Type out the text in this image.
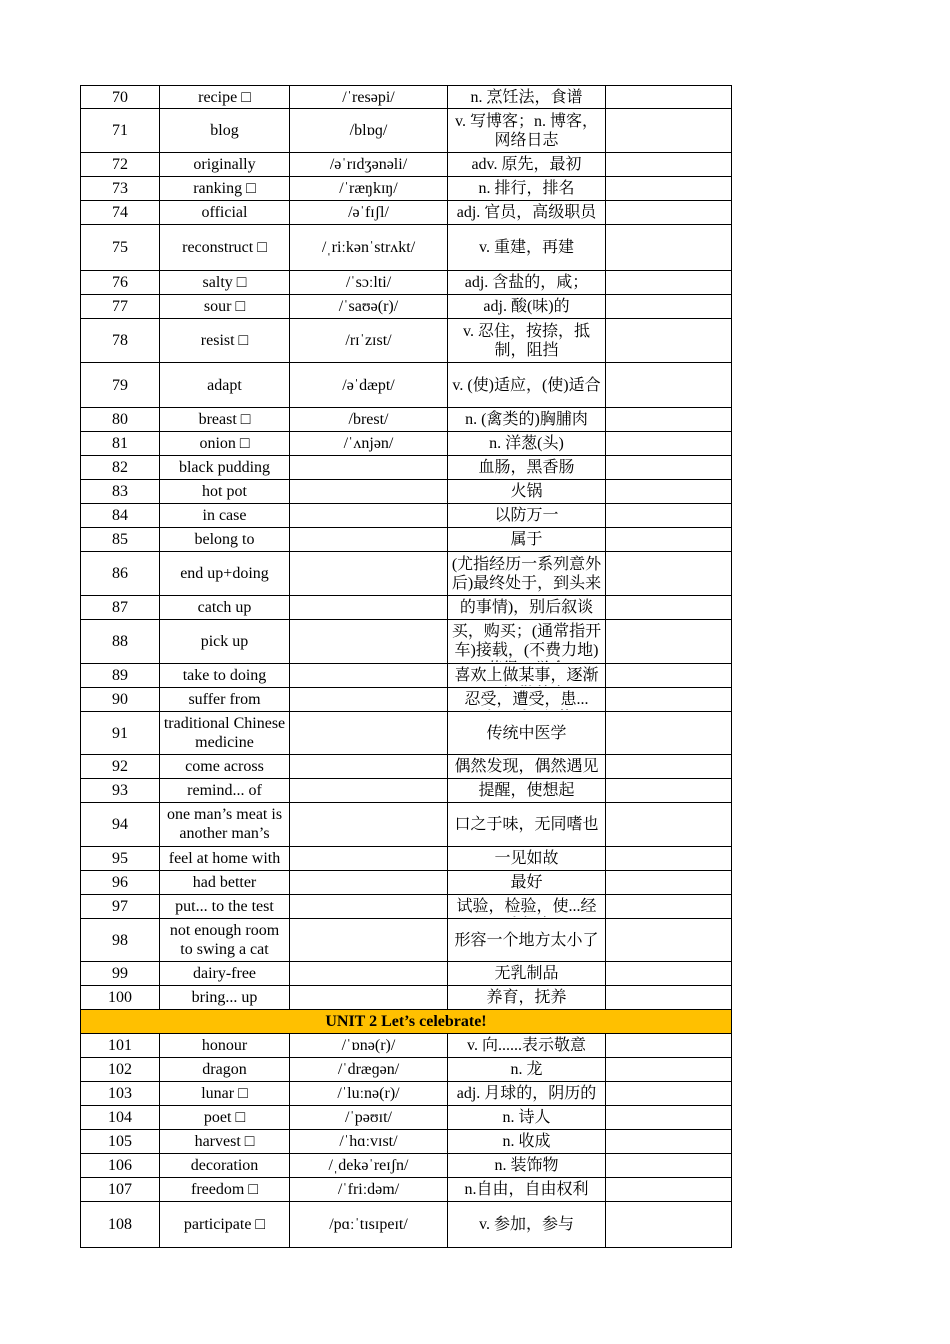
70	recipe □	/ˈresəpi/	n. 烹饪法，食谱	

71	blog	/blɒɡ/	v. 写博客；n. 博客，网络日志	

72	originally	/əˈrɪdʒənəli/	adv. 原先，最初	

73	ranking □	/ˈræŋkɪŋ/	n. 排行，排名	

74	official	/əˈfɪʃl/	adj. 官员，高级职员	

75	reconstruct □	/ˌriːkənˈstrʌkt/	v. 重建，再建	

76	salty □	/ˈsɔːlti/	adj. 含盐的，咸；	

77	sour □	/ˈsaʊə(r)/	adj. 酸(味)的	

78	resist □	/rɪˈzɪst/	v. 忍住，按捺，抵制，阻挡	

79	adapt	/əˈdæpt/	v. (使)适应，(使)适合	

80	breast □	/brest/	n. (禽类的)胸脯肉	

81	onion □	/ˈʌnjən/	n. 洋葱(头)	

82	black pudding		血肠，黑香肠	

83	hot pot		火锅	

84	in case		以防万一	

85	belong to		属于	

86	end up+doing		(尤指经历一系列意外后)最终处于，到头来	

87	catch up		的事情)，别后叙谈	

88	pick up		买，购买；(通常指开车)接载，(不费力地)	

89	take to doing		喜欢上做某事，逐渐	

90	suffer from		忍受，遭受，患...	

91	traditional Chinese medicine		传统中医学	

92	come across		偶然发现，偶然遇见	

93	remind... of		提醒，使想起	

94	one man’s meat is another man’s		口之于味，无同嗜也	

95	feel at home with		一见如故	

96	had better		最好	

97	put... to the test		试验，检验，使...经	

98	not enough room to swing a cat		形容一个地方太小了	

99	dairy-free		无乳制品	

100	bring... up		养育，抚养	

UNIT 2 Let’s celebrate!				

101	honour	/ˈɒnə(r)/	v. 向......表示敬意	

102	dragon	/ˈdræɡən/	n. 龙	

103	lunar □	/ˈluːnə(r)/	adj. 月球的，阴历的	

104	poet □	/ˈpəʊɪt/	n. 诗人	

105	harvest □	/ˈhɑːvɪst/	n. 收成	

106	decoration	/ˌdekəˈreɪʃn/	n. 装饰物	

107	freedom □	/ˈfriːdəm/	n.自由，自由权利	

108	participate □	/pɑːˈtɪsɪpeɪt/	v. 参加，参与	
